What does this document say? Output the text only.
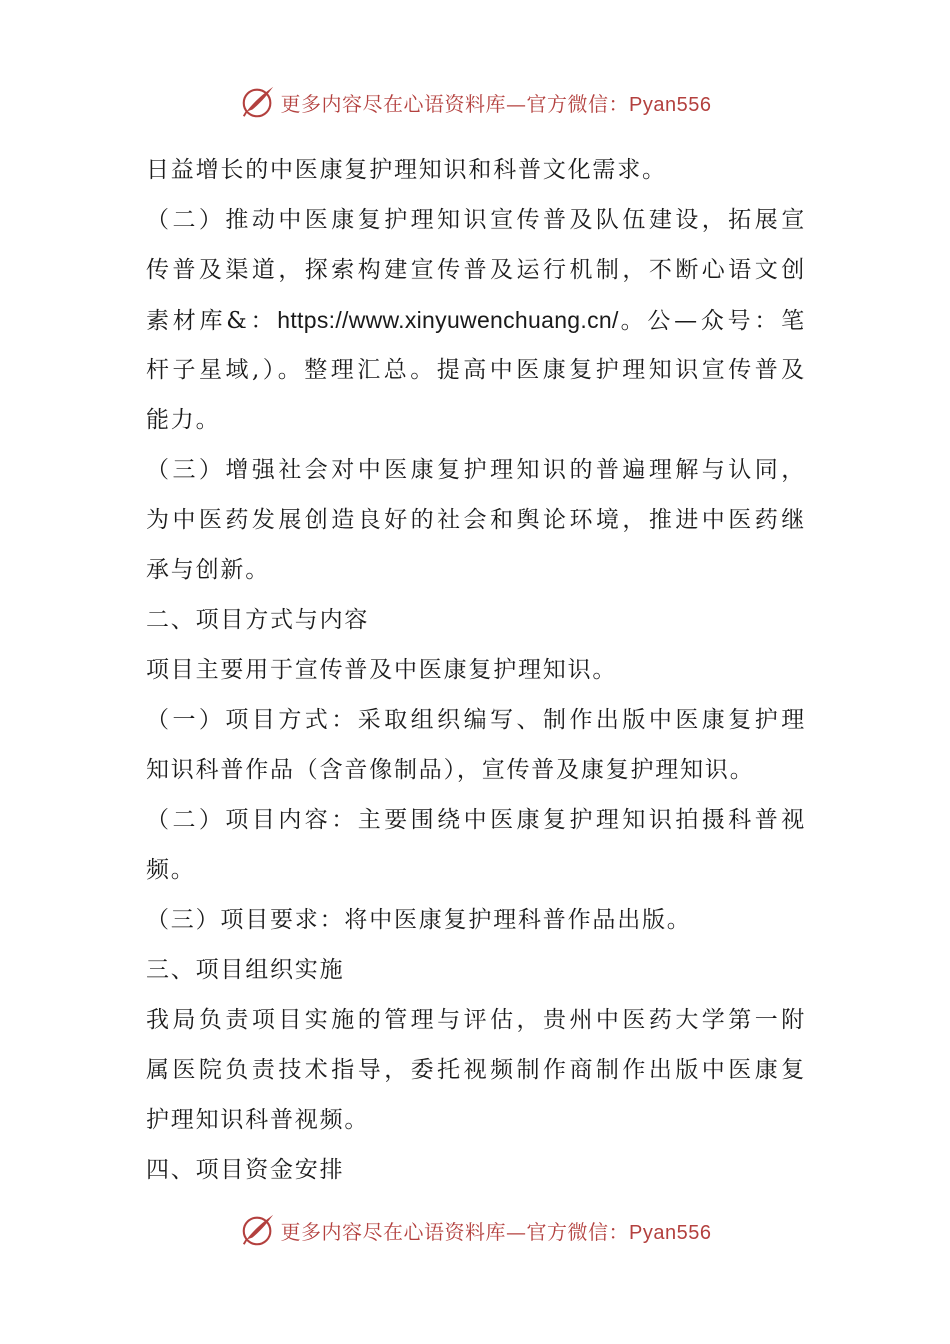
更多内容尽在心语资料库—官方微信：Pyan556
日益增长的中医康复护理知识和科普文化需求。
（二）推动中医康复护理知识宣传普及队伍建设，拓展宣
传普及渠道，探索构建宣传普及运行机制，不断心语文创
素材库&：https://www.xinyuwenchuang.cn/。公—众号：笔
杆子星域,）。整理汇总。提高中医康复护理知识宣传普及
能力。
（三）增强社会对中医康复护理知识的普遍理解与认同，
为中医药发展创造良好的社会和舆论环境，推进中医药继
承与创新。
二、项目方式与内容
项目主要用于宣传普及中医康复护理知识。
（一）项目方式：采取组织编写、制作出版中医康复护理
知识科普作品（含音像制品），宣传普及康复护理知识。
（二）项目内容：主要围绕中医康复护理知识拍摄科普视
频。
（三）项目要求：将中医康复护理科普作品出版。
三、项目组织实施
我局负责项目实施的管理与评估，贵州中医药大学第一附
属医院负责技术指导，委托视频制作商制作出版中医康复
护理知识科普视频。
四、项目资金安排
更多内容尽在心语资料库—官方微信：Pyan556
